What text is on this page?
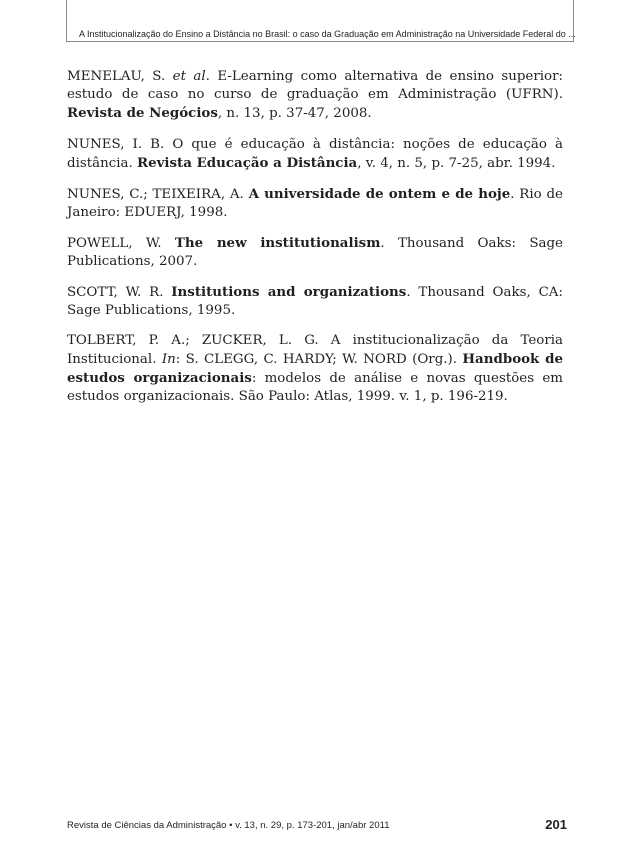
A Institucionalização do Ensino a Distância no Brasil: o caso da Graduação em Administração na Universidade Federal do ...

MENELAU, S. et al. E-Learning como alternativa de ensino superior: estudo de caso no curso de graduação em Administração (UFRN). Revista de Negócios, n. 13, p. 37-47, 2008.

NUNES, I. B. O que é educação à distância: noções de educação à distância. Revista Educação a Distância, v. 4, n. 5, p. 7-25, abr. 1994.

NUNES, C.; TEIXEIRA, A. A universidade de ontem e de hoje. Rio de Janeiro: EDUERJ, 1998.

POWELL, W. The new institutionalism. Thousand Oaks: Sage Publications, 2007.

SCOTT, W. R. Institutions and organizations. Thousand Oaks, CA: Sage Publications, 1995.

TOLBERT, P. A.; ZUCKER, L. G. A institucionalização da Teoria Institucional. In: S. CLEGG, C. HARDY; W. NORD (Org.). Handbook de estudos organizacionais: modelos de análise e novas questões em estudos organizacionais. São Paulo: Atlas, 1999. v. 1, p. 196-219.

Revista de Ciências da Administração • v. 13, n. 29, p. 173-201, jan/abr 2011	201
